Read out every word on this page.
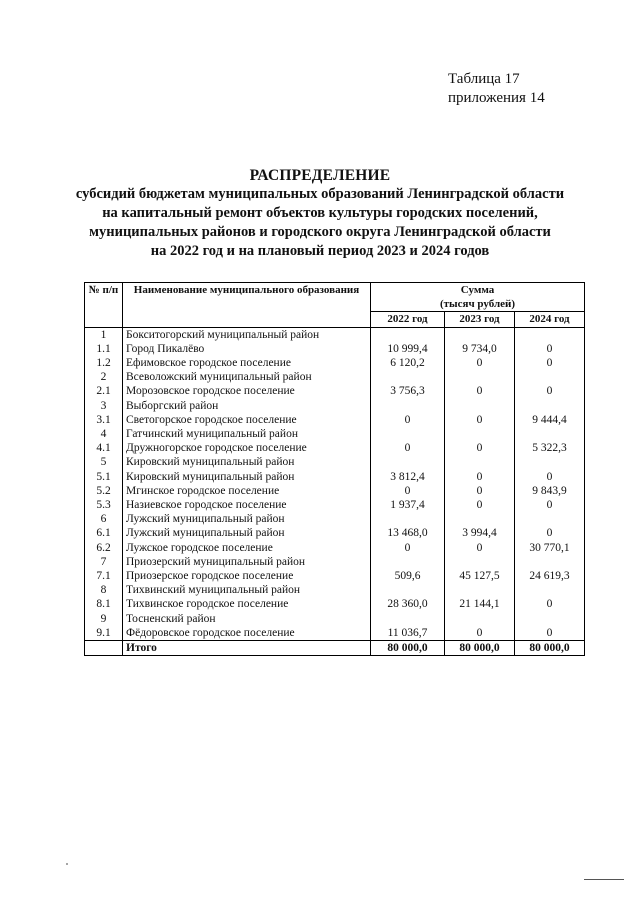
Таблица 17
приложения 14
РАСПРЕДЕЛЕНИЕ
субсидий бюджетам муниципальных образований Ленинградской области
на капитальный ремонт объектов культуры городских поселений,
муниципальных районов и городского округа Ленинградской области
на 2022 год и на плановый период 2023 и 2024 годов
№ п/п	Наименование муниципального образования	Сумма
(тысяч рублей)		

		2022 год	2023 год	2024 год
1	Бокситогорский муниципальный район			
1.1	Город Пикалёво	10 999,4	9 734,0	0
1.2	Ефимовское городское поселение	6 120,2	0	0
2	Всеволожский муниципальный район			
2.1	Морозовское городское поселение	3 756,3	0	0
3	Выборгский район			
3.1	Светогорское городское поселение	0	0	9 444,4
4	Гатчинский муниципальный район			
4.1	Дружногорское городское поселение	0	0	5 322,3
5	Кировский муниципальный район			
5.1	Кировский муниципальный район	3 812,4	0	0
5.2	Мгинское городское поселение	0	0	9 843,9
5.3	Назиевское городское поселение	1 937,4	0	0
6	Лужский муниципальный район			
6.1	Лужский муниципальный район	13 468,0	3 994,4	0
6.2	Лужское городское поселение	0	0	30 770,1
7	Приозерский муниципальный район			
7.1	Приозерское городское поселение	509,6	45 127,5	24 619,3
8	Тихвинский муниципальный район			
8.1	Тихвинское городское поселение	28 360,0	21 144,1	0
9	Тосненский район			
9.1	Фёдоровское городское поселение	11 036,7	0	0
	Итого	80 000,0	80 000,0	80 000,0
